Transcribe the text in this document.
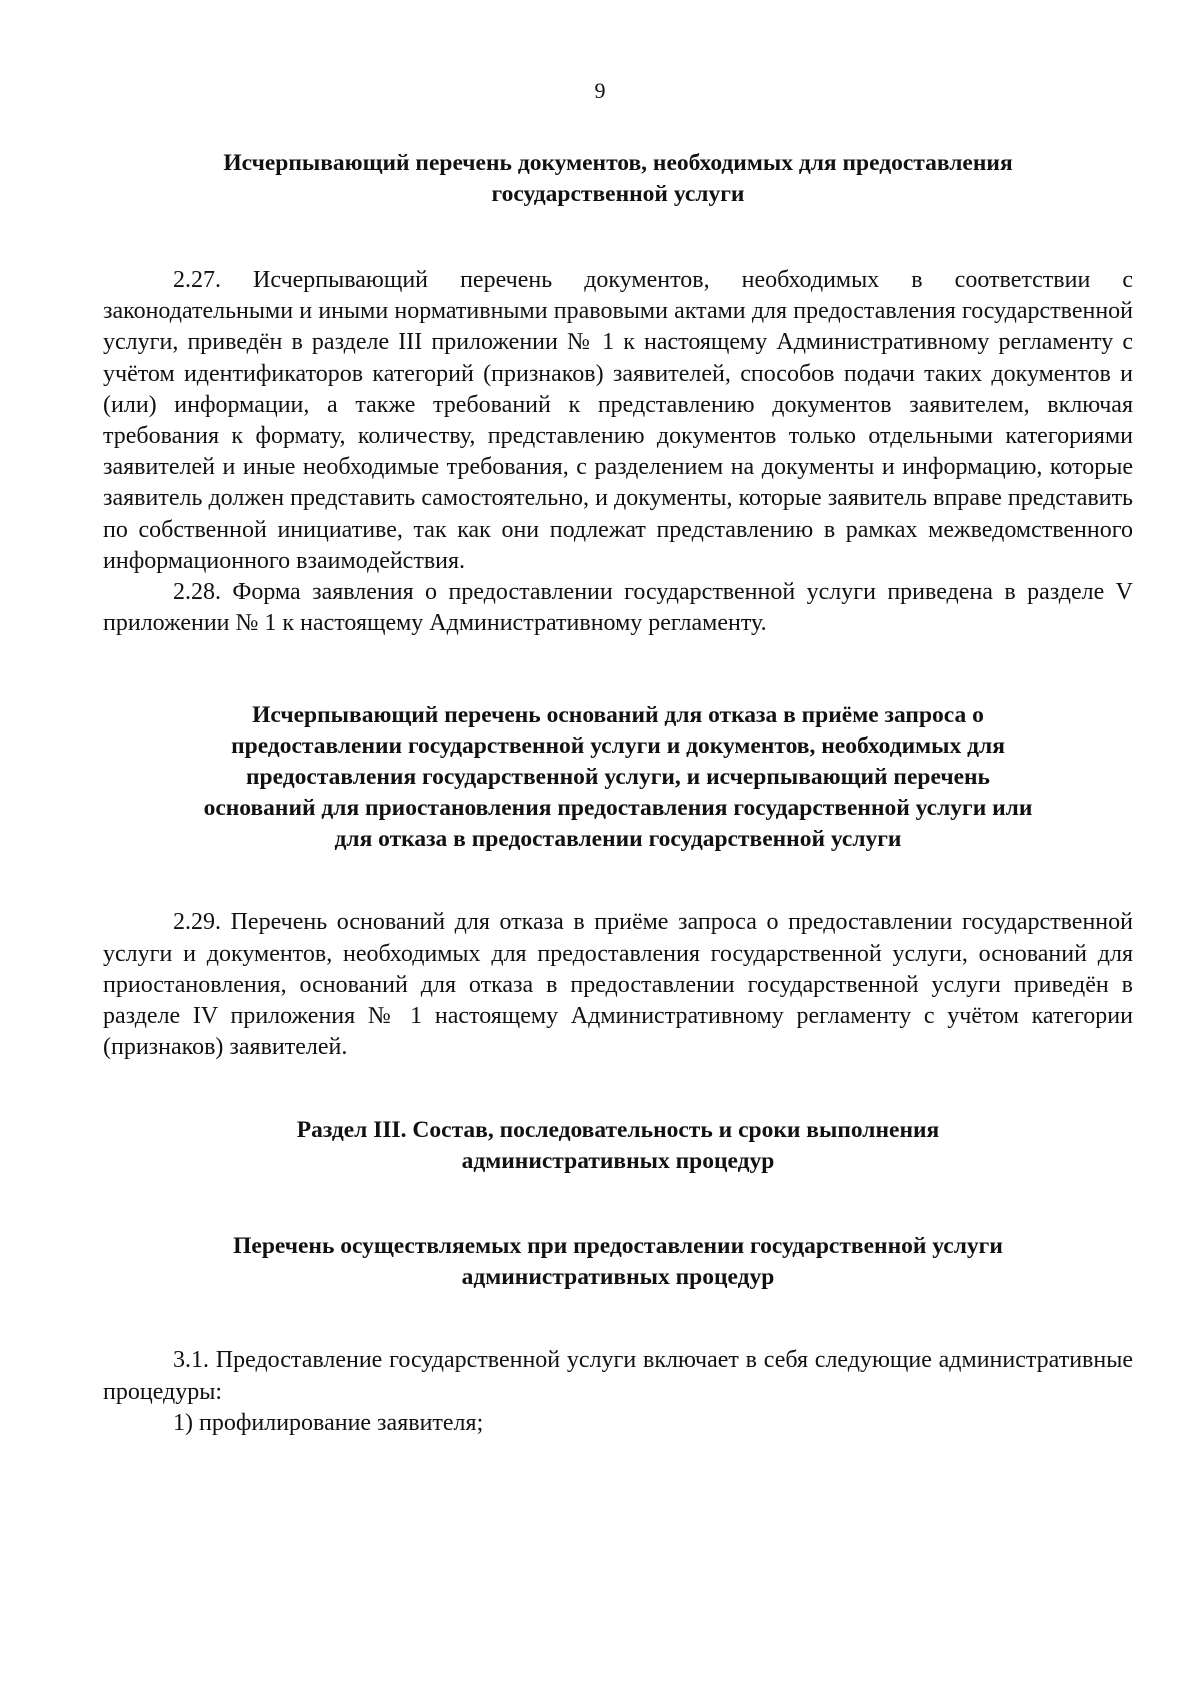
9
Исчерпывающий перечень документов, необходимых для предоставления
государственной услуги

2.27. Исчерпывающий перечень документов, необходимых в соответствии с законодательными и иными нормативными правовыми актами для предоставления государственной услуги, приведён в разделе III приложении № 1 к настоящему Административному регламенту с учётом идентификаторов категорий (признаков) заявителей, способов подачи таких документов и (или) информации, а также требований к представлению документов заявителем, включая требования к формату, количеству, представлению документов только отдельными категориями заявителей и иные необходимые требования, с разделением на документы и информацию, которые заявитель должен представить самостоятельно, и документы, которые заявитель вправе представить по собственной инициативе, так как они подлежат представлению в рамках межведомственного информационного взаимодействия.

2.28. Форма заявления о предоставлении государственной услуги приведена в разделе V приложении № 1 к настоящему Административному регламенту.

Исчерпывающий перечень оснований для отказа в приёме запроса о
предоставлении государственной услуги и документов, необходимых для
предоставления государственной услуги, и исчерпывающий перечень
оснований для приостановления предоставления государственной услуги или
для отказа в предоставлении государственной услуги

2.29. Перечень оснований для отказа в приёме запроса о предоставлении государственной услуги и документов, необходимых для предоставления государственной услуги, оснований для приостановления, оснований для отказа в предоставлении государственной услуги приведён в разделе IV приложения № 1 настоящему Административному регламенту с учётом категории (признаков) заявителей.

Раздел III. Состав, последовательность и сроки выполнения
административных процедур
Перечень осуществляемых при предоставлении государственной услуги
административных процедур

3.1. Предоставление государственной услуги включает в себя следующие административные процедуры:

1) профилирование заявителя;
